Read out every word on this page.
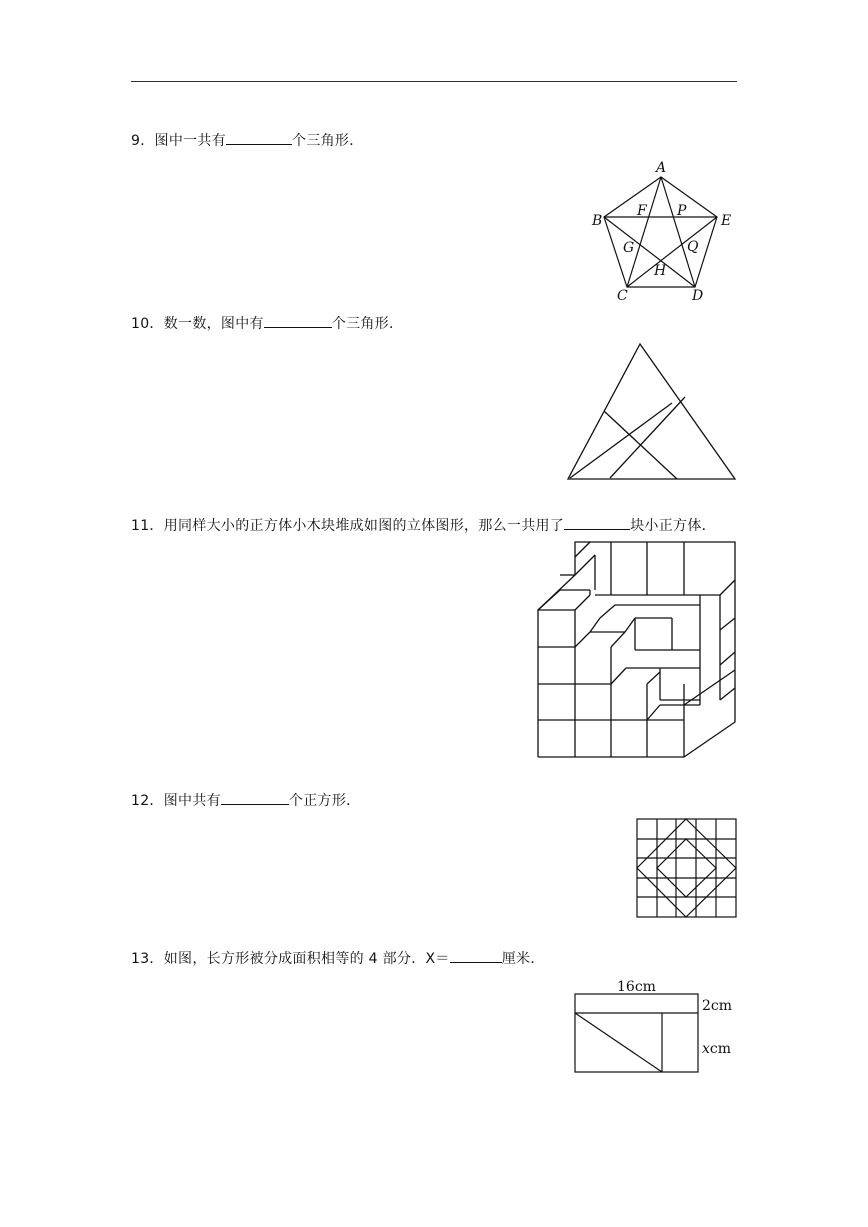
9．图中一共有	个三角形．
A
B
C	D
E
F P
G	Q
H
10．数一数，图中有	个三角形．
11．用同样大小的正方体小木块堆成如图的立体图形，那么一共用了	块小正方体．
12．图中共有	个正方形．
13．如图，长方形被分成面积相等的 4 部分．X＝	厘米．
16cm
2cm
xcm
